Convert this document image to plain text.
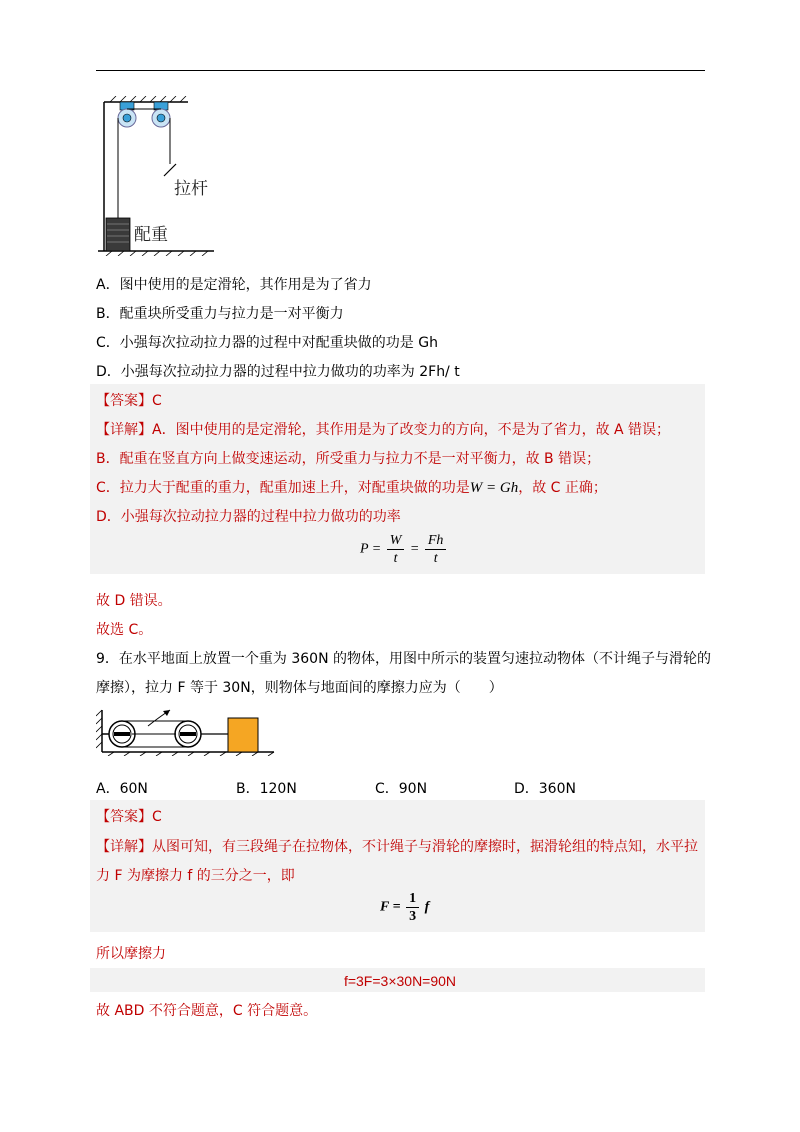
拉杆
配重
A．图中使用的是定滑轮，其作用是为了省力
B．配重块所受重力与拉力是一对平衡力
C．小强每次拉动拉力器的过程中对配重块做的功是 Gh
D．小强每次拉动拉力器的过程中拉力做功的功率为 2Fh/ t
【答案】C
【详解】A．图中使用的是定滑轮，其作用是为了改变力的方向，不是为了省力，故 A 错误；
B．配重在竖直方向上做变速运动，所受重力与拉力不是一对平衡力，故 B 错误；
C．拉力大于配重的重力，配重加速上升，对配重块做的功是W = Gh，故 C 正确；
D．小强每次拉动拉力器的过程中拉力做功的功率
$P = \frac{W}{t} = \frac{Fh}{t}$
故 D 错误。
故选 C。
9．在水平地面上放置一个重为 360N 的物体，用图中所示的装置匀速拉动物体（不计绳子与滑轮的
摩擦），拉力 F 等于 30N，则物体与地面间的摩擦力应为（　　）
A．60N	B．120N	C．90N	D．360N
【答案】C
【详解】从图可知，有三段绳子在拉物体，不计绳子与滑轮的摩擦时，据滑轮组的特点知，水平拉
力 F 为摩擦力 f 的三分之一，即
$F = \frac{1}{3}$ f
所以摩擦力
f=3F=3×30N=90N
故 ABD 不符合题意，C 符合题意。
